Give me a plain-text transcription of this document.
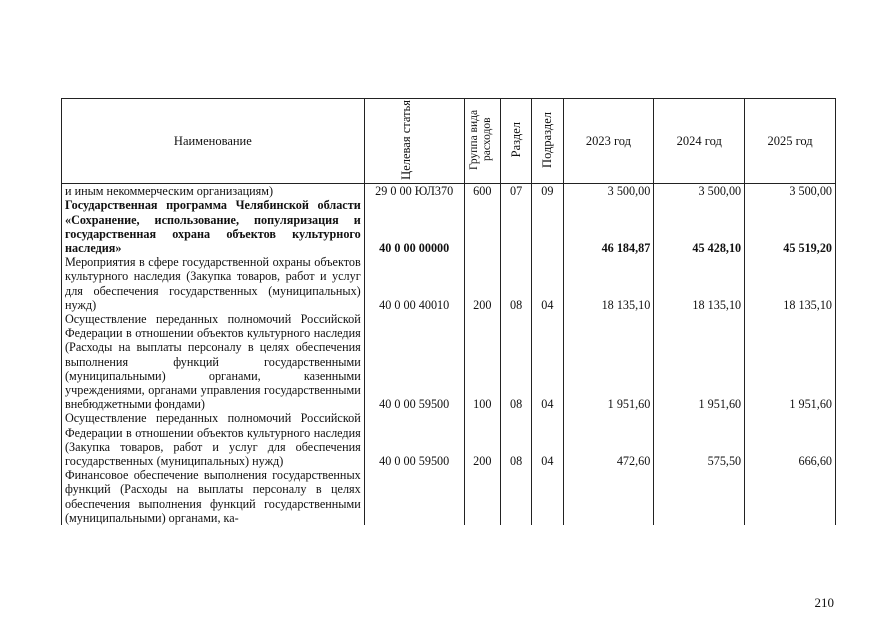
Наименование	Целевая статья	Группа вида расходов	Раздел	Подраздел	2023 год	2024 год	2025 год
и иным некоммерческим организациям)	29 0 00 ЮЛ370	600	07	09	3 500,00	3 500,00	3 500,00
Государственная программа Челябинской области «Сохранение, использование, популяризация и государственная охрана объектов культурного наследия»	40 0 00 00000				46 184,87	45 428,10	45 519,20
Мероприятия в сфере государственной охраны объектов культурного наследия (Закупка товаров, работ и услуг для обеспечения государственных (муниципальных) нужд)	40 0 00 40010	200	08	04	18 135,10	18 135,10	18 135,10
Осуществление переданных полномочий Российской Федерации в отношении объектов культурного наследия (Расходы на выплаты персоналу в целях обеспечения выполнения функций государственными (муниципальными) органами, казенными учреждениями, органами управления государственными внебюджетными фондами)	40 0 00 59500	100	08	04	1 951,60	1 951,60	1 951,60
Осуществление переданных полномочий Российской Федерации в отношении объектов культурного наследия (Закупка товаров, работ и услуг для обеспечения государственных (муниципальных) нужд)	40 0 00 59500	200	08	04	472,60	575,50	666,60
Финансовое обеспечение выполнения государственных функций (Расходы на выплаты персоналу в целях обеспечения выполнения функций государственными (муниципальными) органами, ка-							
210
